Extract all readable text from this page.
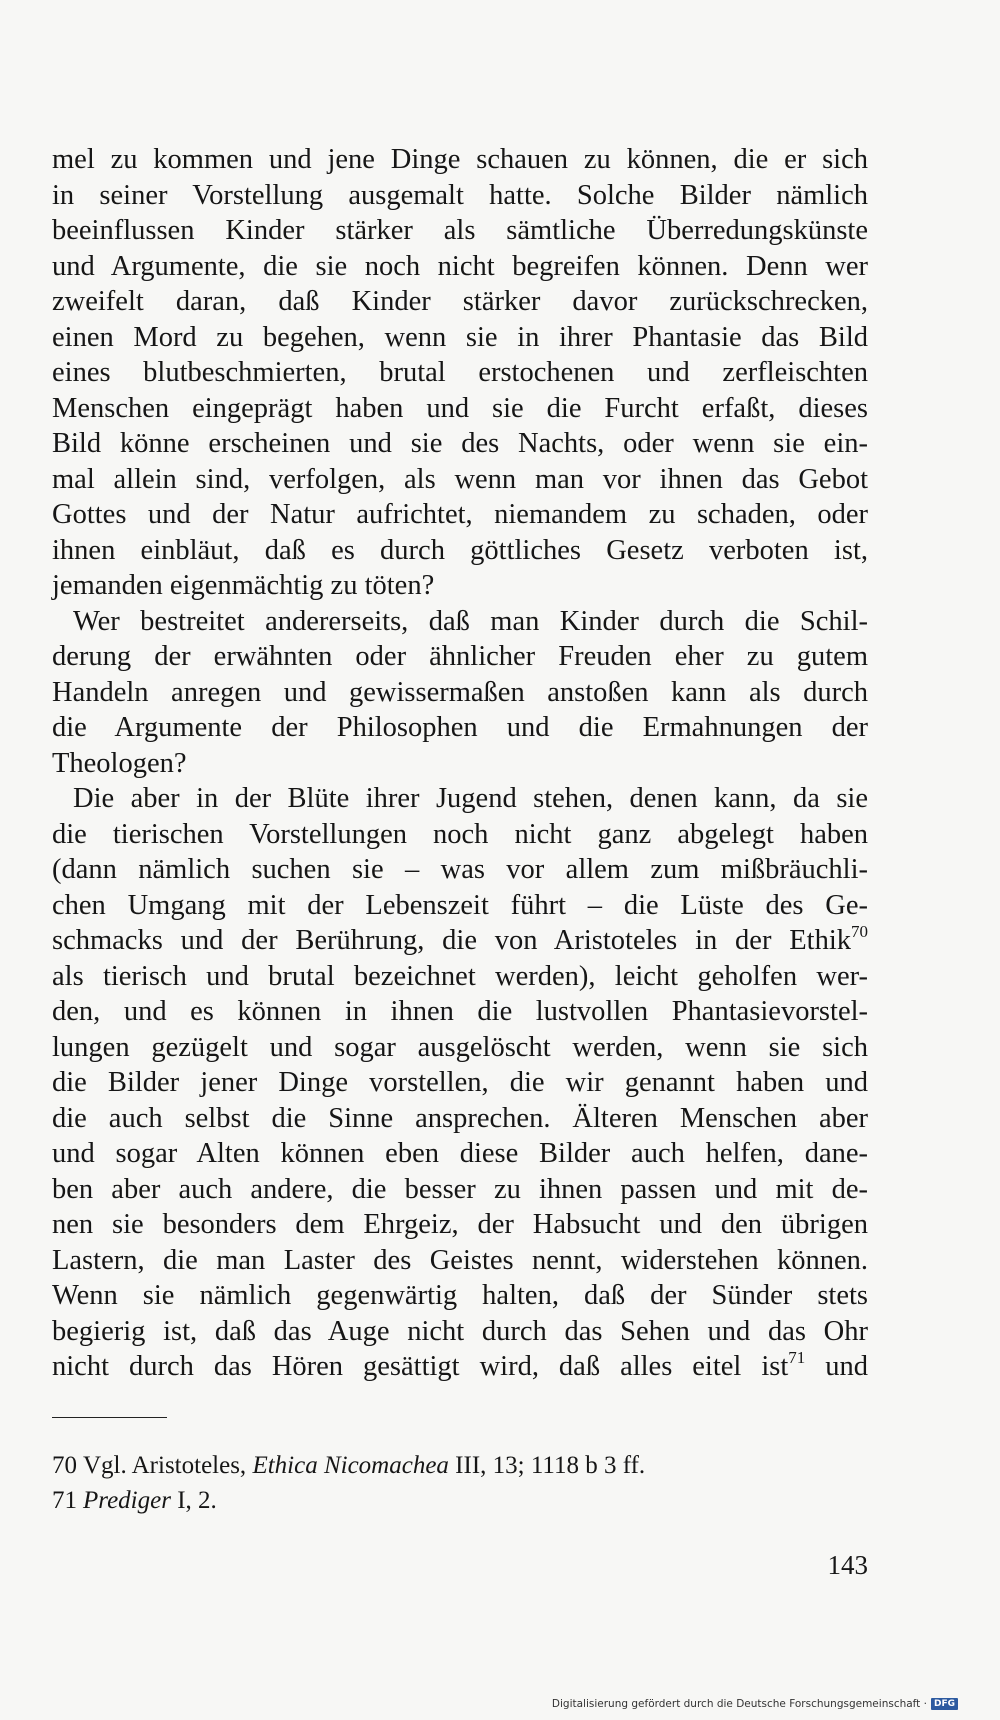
mel zu kommen und jene Dinge schauen zu können, die er sich
in seiner Vorstellung ausgemalt hatte. Solche Bilder nämlich
beeinflussen Kinder stärker als sämtliche Überredungskünste
und Argumente, die sie noch nicht begreifen können. Denn wer
zweifelt daran, daß Kinder stärker davor zurückschrecken,
einen Mord zu begehen, wenn sie in ihrer Phantasie das Bild
eines blutbeschmierten, brutal erstochenen und zerfleischten
Menschen eingeprägt haben und sie die Furcht erfaßt, dieses
Bild könne erscheinen und sie des Nachts, oder wenn sie ein-
mal allein sind, verfolgen, als wenn man vor ihnen das Gebot
Gottes und der Natur aufrichtet, niemandem zu schaden, oder
ihnen einbläut, daß es durch göttliches Gesetz verboten ist,
jemanden eigenmächtig zu töten?
Wer bestreitet andererseits, daß man Kinder durch die Schil-
derung der erwähnten oder ähnlicher Freuden eher zu gutem
Handeln anregen und gewissermaßen anstoßen kann als durch
die Argumente der Philosophen und die Ermahnungen der
Theologen?
Die aber in der Blüte ihrer Jugend stehen, denen kann, da sie
die tierischen Vorstellungen noch nicht ganz abgelegt haben
(dann nämlich suchen sie – was vor allem zum mißbräuchli-
chen Umgang mit der Lebenszeit führt – die Lüste des Ge-
schmacks und der Berührung, die von Aristoteles in der Ethik$^{70}$
als tierisch und brutal bezeichnet werden), leicht geholfen wer-
den, und es können in ihnen die lustvollen Phantasievorstel-
lungen gezügelt und sogar ausgelöscht werden, wenn sie sich
die Bilder jener Dinge vorstellen, die wir genannt haben und
die auch selbst die Sinne ansprechen. Älteren Menschen aber
und sogar Alten können eben diese Bilder auch helfen, dane-
ben aber auch andere, die besser zu ihnen passen und mit de-
nen sie besonders dem Ehrgeiz, der Habsucht und den übrigen
Lastern, die man Laster des Geistes nennt, widerstehen können.
Wenn sie nämlich gegenwärtig halten, daß der Sünder stets
begierig ist, daß das Auge nicht durch das Sehen und das Ohr
nicht durch das Hören gesättigt wird, daß alles eitel ist$^{71}$ und
70 Vgl. Aristoteles, Ethica Nicomachea III, 13; 1118 b 3 ff.
71 Prediger I, 2.
143
Digitalisierung gefördert durch die Deutsche Forschungsgemeinschaft · DFG
